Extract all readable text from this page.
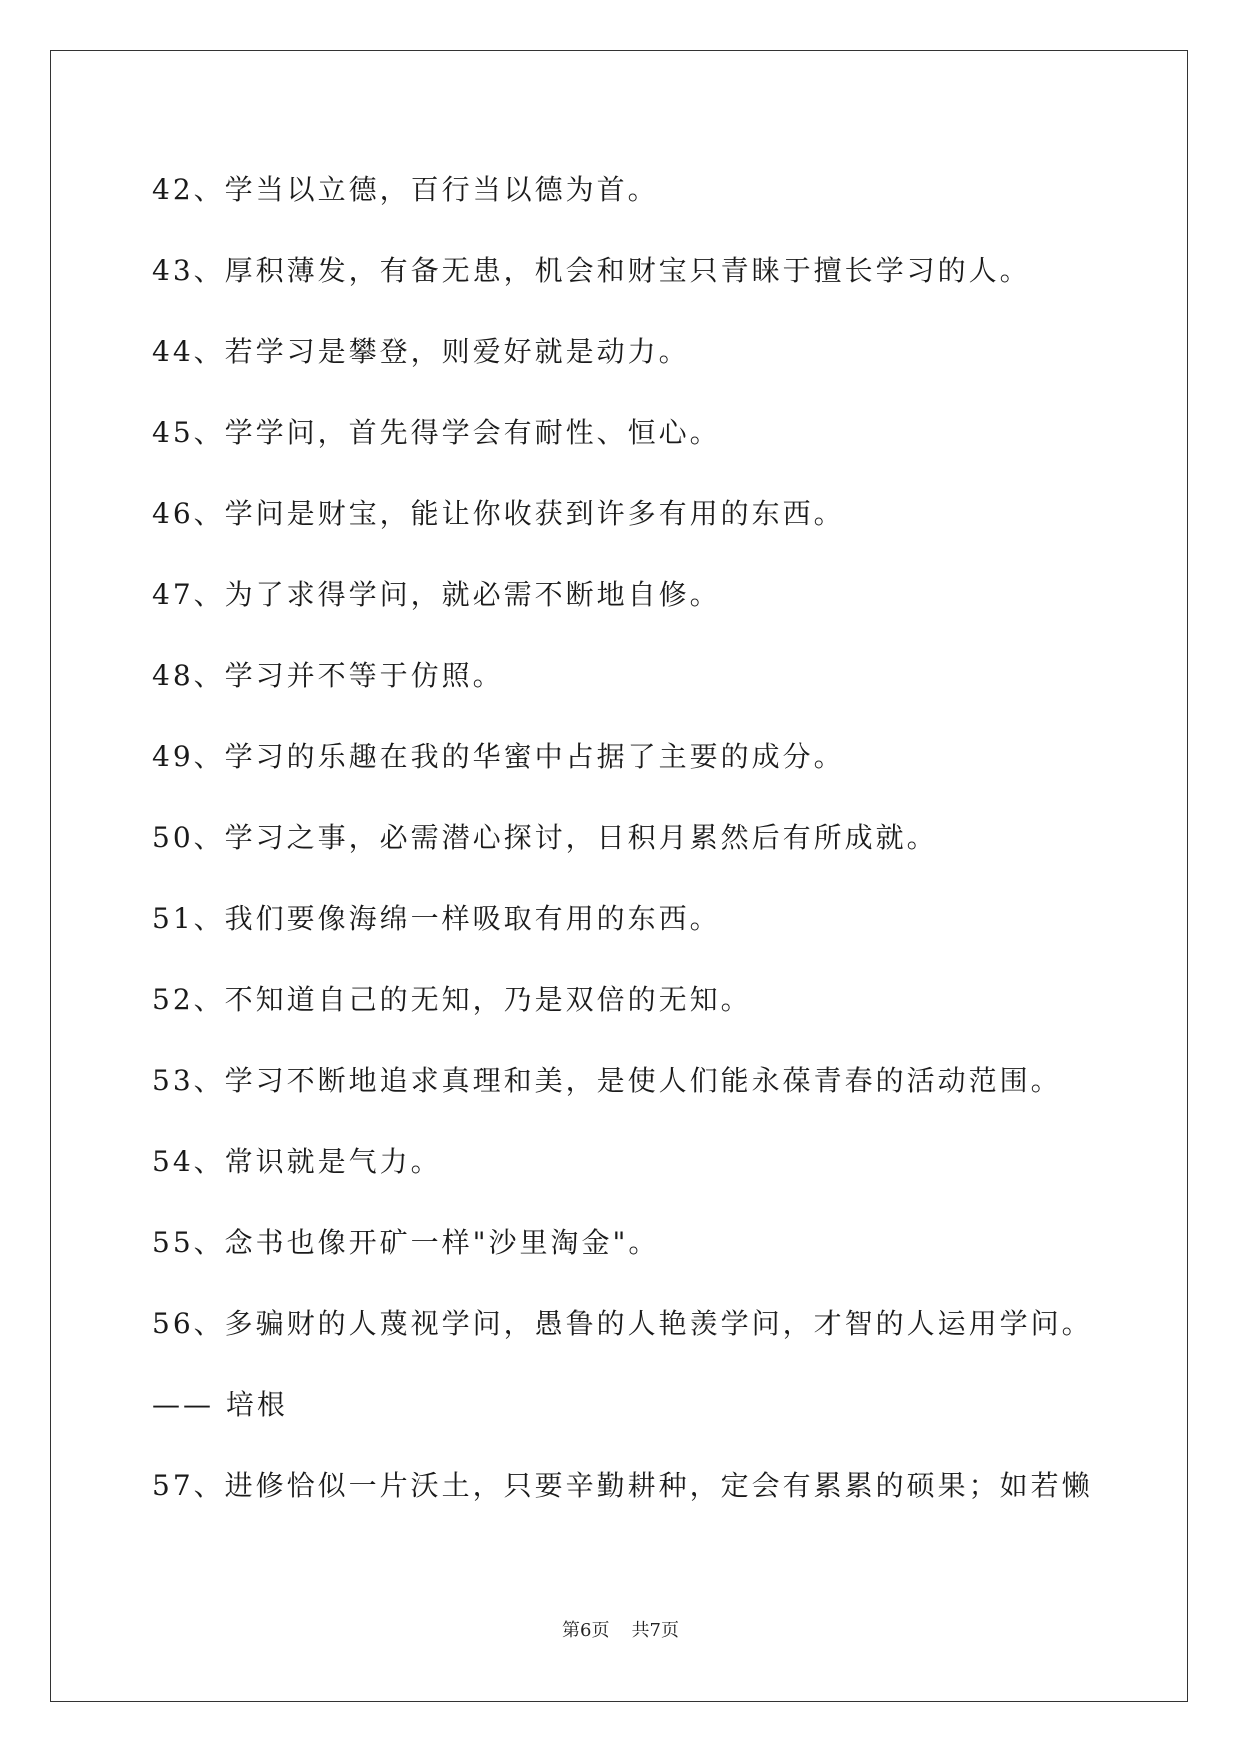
42、学当以立德，百行当以德为首。
43、厚积薄发，有备无患，机会和财宝只青睐于擅长学习的人。
44、若学习是攀登，则爱好就是动力。
45、学学问，首先得学会有耐性、恒心。
46、学问是财宝，能让你收获到许多有用的东西。
47、为了求得学问，就必需不断地自修。
48、学习并不等于仿照。
49、学习的乐趣在我的华蜜中占据了主要的成分。
50、学习之事，必需潜心探讨，日积月累然后有所成就。
51、我们要像海绵一样吸取有用的东西。
52、不知道自己的无知，乃是双倍的无知。
53、学习不断地追求真理和美，是使人们能永葆青春的活动范围。
54、常识就是气力。
55、念书也像开矿一样"沙里淘金"。
56、多骗财的人蔑视学问，愚鲁的人艳羡学问，才智的人运用学问。
—— 培根
57、进修恰似一片沃土，只要辛勤耕种，定会有累累的硕果；如若懒
第6页 共7页
